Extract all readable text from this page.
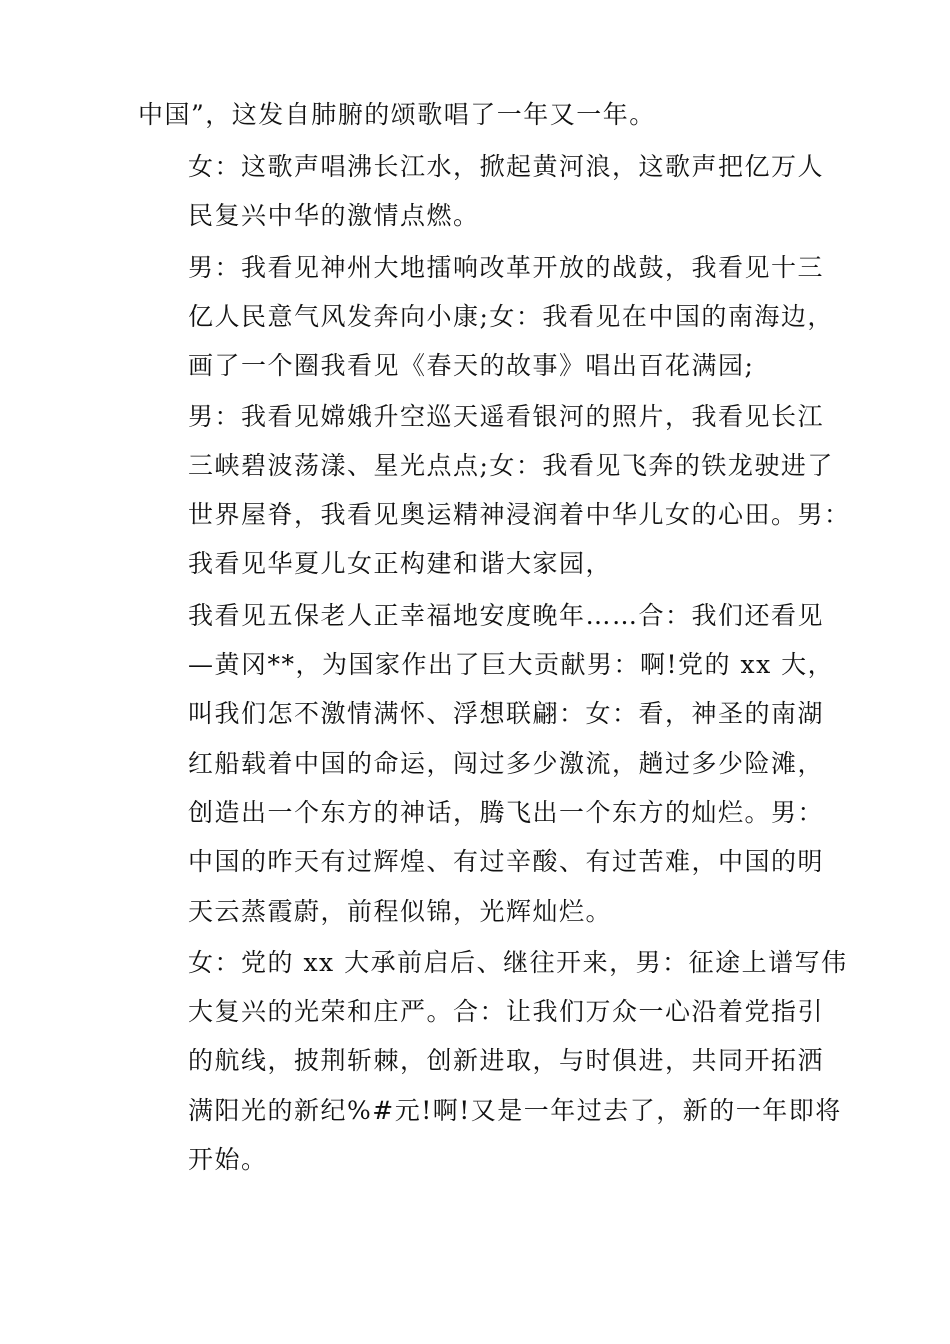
中国”，这发自肺腑的颂歌唱了一年又一年。
女：这歌声唱沸长江水，掀起黄河浪，这歌声把亿万人
民复兴中华的激情点燃。
男：我看见神州大地擂响改革开放的战鼓，我看见十三
亿人民意气风发奔向小康;女：我看见在中国的南海边，
画了一个圈我看见《春天的故事》唱出百花满园;
男：我看见嫦娥升空巡天遥看银河的照片，我看见长江
三峡碧波荡漾、星光点点;女：我看见飞奔的铁龙驶进了
世界屋脊，我看见奥运精神浸润着中华儿女的心田。男：
我看见华夏儿女正构建和谐大家园，
我看见五保老人正幸福地安度晚年……合：我们还看见
—黄冈**，为国家作出了巨大贡献男：啊!党的 xx 大，
叫我们怎不激情满怀、浮想联翩：女：看，神圣的南湖
红船载着中国的命运，闯过多少激流，趟过多少险滩，
创造出一个东方的神话，腾飞出一个东方的灿烂。男：
中国的昨天有过辉煌、有过辛酸、有过苦难，中国的明
天云蒸霞蔚，前程似锦，光辉灿烂。
女：党的 xx 大承前启后、继往开来，男：征途上谱写伟
大复兴的光荣和庄严。合：让我们万众一心沿着党指引
的航线，披荆斩棘，创新进取，与时俱进，共同开拓洒
满阳光的新纪%#元!啊!又是一年过去了，新的一年即将
开始。
